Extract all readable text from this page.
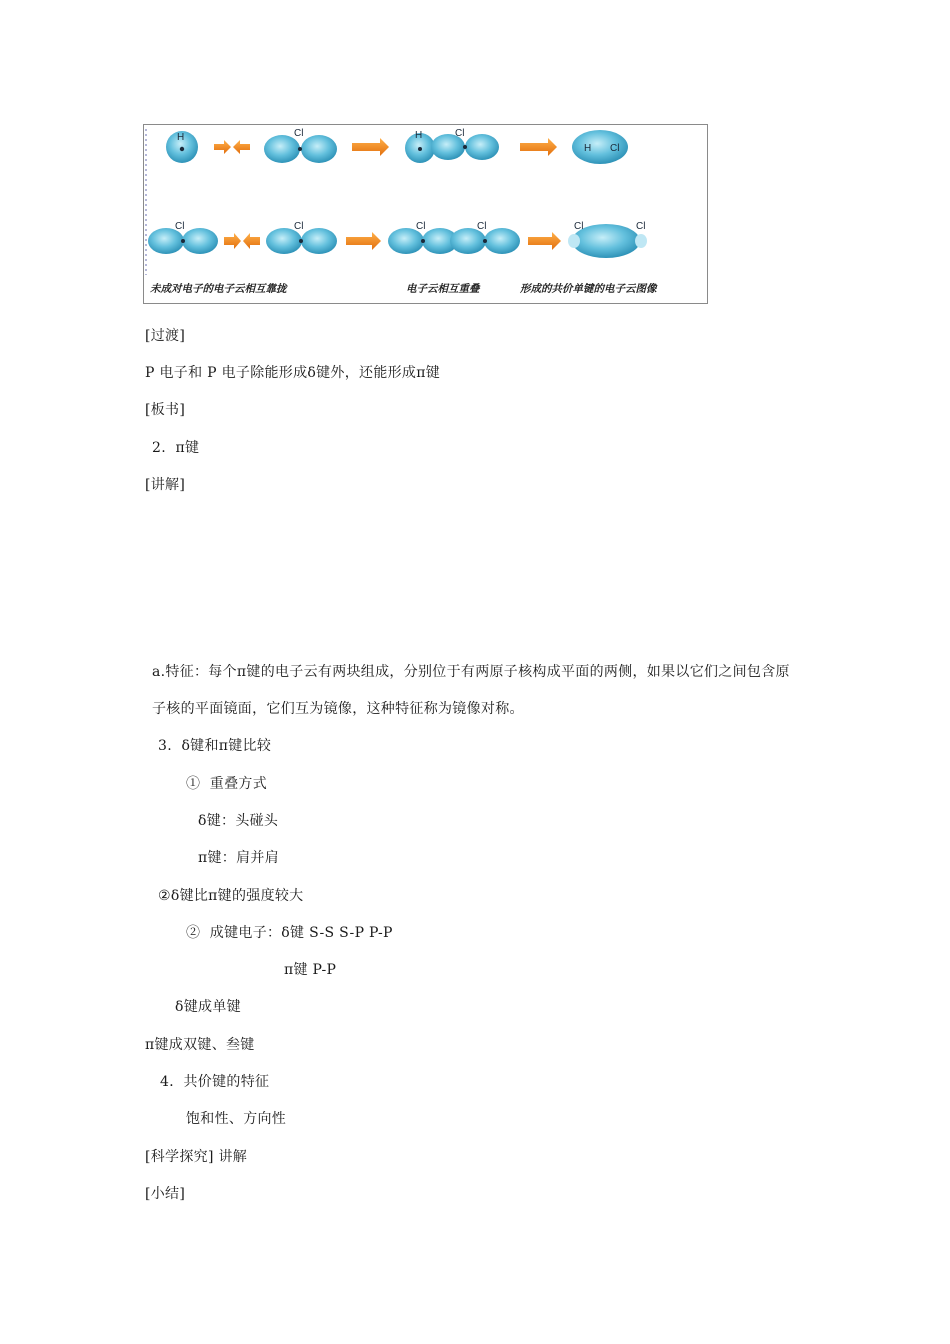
H	Cl	H	Cl
H Cl
Cl	Cl	Cl	Cl	Cl	Cl
未成对电子的电子云相互靠拢	电子云相互重叠	形成的共价单键的电子云图像
[过渡]
P 电子和 P 电子除能形成δ键外，还能形成π键
[板书]
2.  π键
[讲解]
a.特征：每个π键的电子云有两块组成，分别位于有两原子核构成平面的两侧，如果以它们之间包含原
子核的平面镜面，它们互为镜像，这种特征称为镜像对称。
3.  δ键和π键比较
①  重叠方式
δ键：头碰头
π键：肩并肩
②δ键比π键的强度较大
②  成键电子：δ键 S-S S-P P-P
π键 P-P
δ键成单键
π键成双键、叁键
4．共价键的特征
饱和性、方向性
[科学探究] 讲解
[小结]
